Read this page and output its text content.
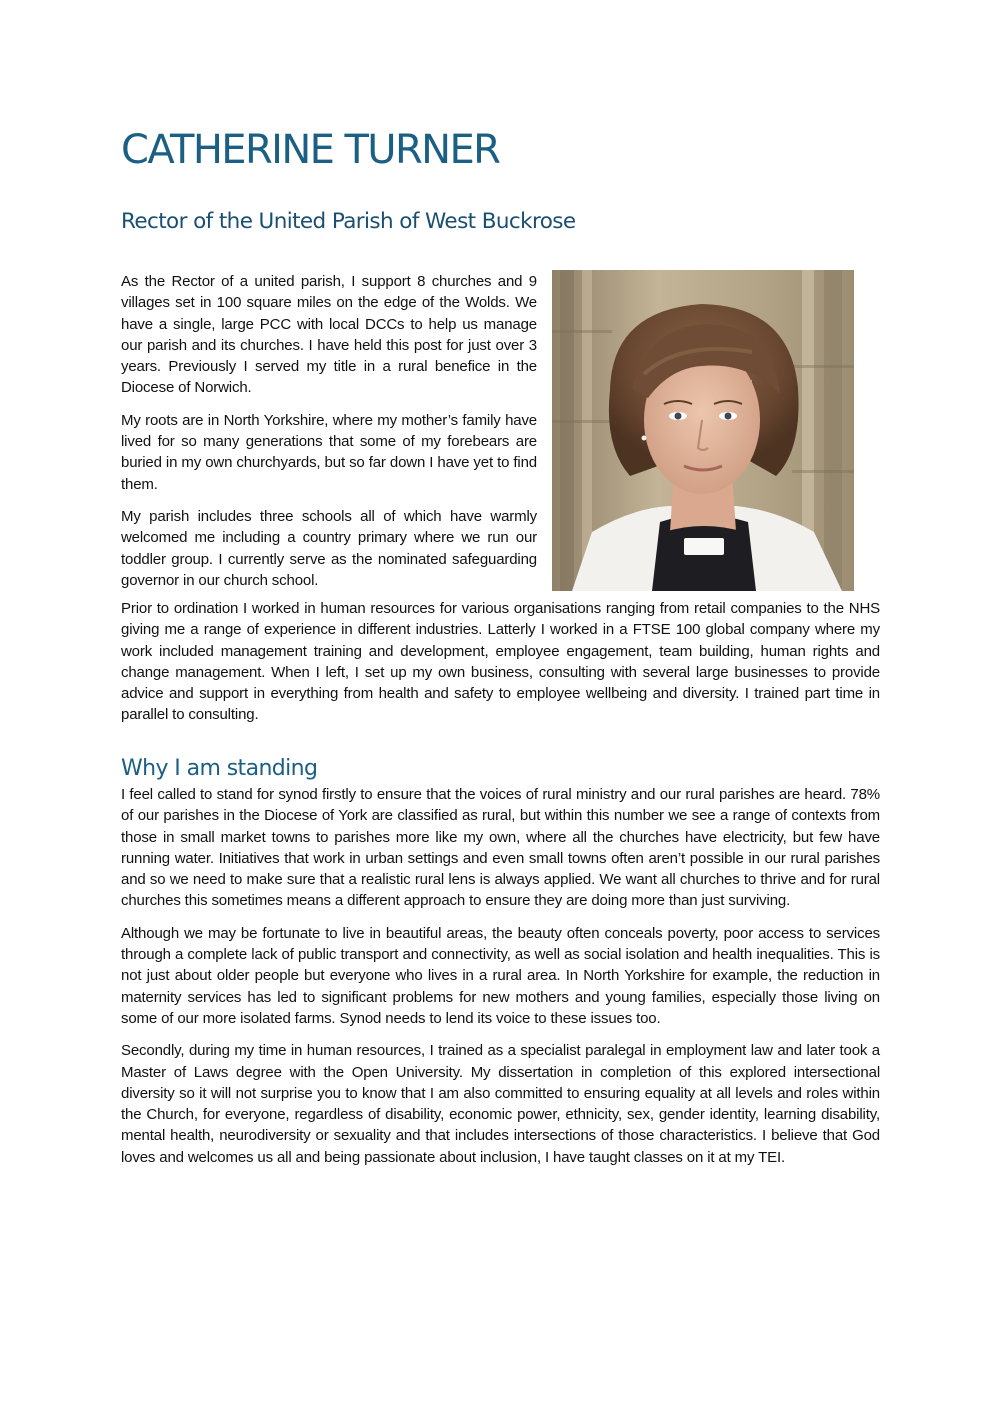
CATHERINE TURNER
Rector of the United Parish of West Buckrose

As the Rector of a united parish, I support 8 churches and 9 villages set in 100 square miles on the edge of the Wolds. We have a single, large PCC with local DCCs to help us manage our parish and its churches. I have held this post for just over 3 years. Previously I served my title in a rural benefice in the Diocese of Norwich.

My roots are in North Yorkshire, where my mother’s family have lived for so many generations that some of my forebears are buried in my own churchyards, but so far down I have yet to find them.

My parish includes three schools all of which have warmly welcomed me including a country primary where we run our toddler group. I currently serve as the nominated safeguarding governor in our church school.

Prior to ordination I worked in human resources for various organisations ranging from retail companies to the NHS giving me a range of experience in different industries. Latterly I worked in a FTSE 100 global company where my work included management training and development, employee engagement, team building, human rights and change management. When I left, I set up my own business, consulting with several large businesses to provide advice and support in everything from health and safety to employee wellbeing and diversity. I trained part time in parallel to consulting.

Why I am standing

I feel called to stand for synod firstly to ensure that the voices of rural ministry and our rural parishes are heard. 78% of our parishes in the Diocese of York are classified as rural, but within this number we see a range of contexts from those in small market towns to parishes more like my own, where all the churches have electricity, but few have running water. Initiatives that work in urban settings and even small towns often aren’t possible in our rural parishes and so we need to make sure that a realistic rural lens is always applied. We want all churches to thrive and for rural churches this sometimes means a different approach to ensure they are doing more than just surviving.

Although we may be fortunate to live in beautiful areas, the beauty often conceals poverty, poor access to services through a complete lack of public transport and connectivity, as well as social isolation and health inequalities. This is not just about older people but everyone who lives in a rural area. In North Yorkshire for example, the reduction in maternity services has led to significant problems for new mothers and young families, especially those living on some of our more isolated farms. Synod needs to lend its voice to these issues too.

Secondly, during my time in human resources, I trained as a specialist paralegal in employment law and later took a Master of Laws degree with the Open University. My dissertation in completion of this explored intersectional diversity so it will not surprise you to know that I am also committed to ensuring equality at all levels and roles within the Church, for everyone, regardless of disability, economic power, ethnicity, sex, gender identity, learning disability, mental health, neurodiversity or sexuality and that includes intersections of those characteristics. I believe that God loves and welcomes us all and being passionate about inclusion, I have taught classes on it at my TEI.
